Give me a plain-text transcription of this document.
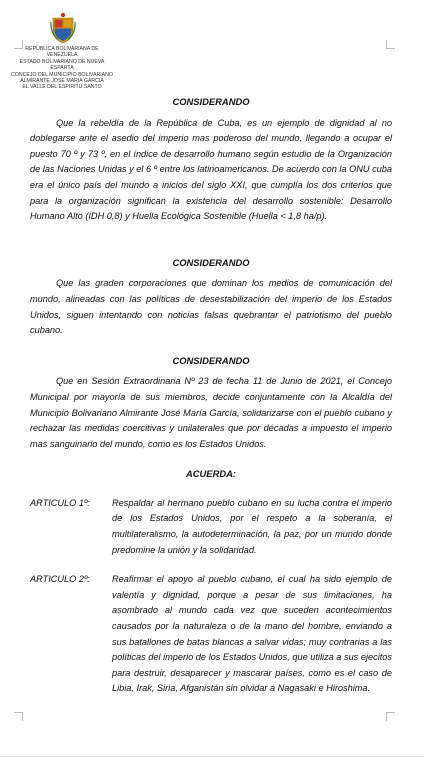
REPÚBLICA BOLIVARIANA DE
VENEZUELA
ESTADO BOLIVARIANO DE NUEVA
ESPARTA
CONCEJO DEL MUNICIPIO BOLIVARIANO
ALMIRANTE JOSE MARIA GARCIA
EL VALLE DEL ESPIRITU SANTO

CONSIDERANDO

Que la rebeldía de la República de Cuba, es un ejemplo de dignidad al no doblegarse ante el asedio del imperio mas poderoso del mundo, llegando a ocupar el puesto 70 º y 73 º, en el índice de desarrollo humano según estudio de la Organización de las Naciones Unidas y el 6 º entre los latinoamericanos. De acuerdo con la ONU cuba era el único país del mundo a inicios del siglo XXI, que cumplía los dos criterios que para la organización significan la existencia del desarrollo sostenible: Desarrollo Humano Alto (IDH 0,8) y Huella Ecológica Sostenible (Huella < 1,8 ha/p).

CONSIDERANDO

Que las graden corporaciones que dominan los medios de comunicación del mundo, alineadas con las políticas de desestabilización del imperio de los Estados Unidos, siguen intentando con noticias falsas quebrantar el patriotismo del pueblo cubano.

CONSIDERANDO

Que en Sesión Extraordinaria Nº 23 de fecha 11 de Junio de 2021, el Concejo Municipal por mayoría de sus miembros, decide conjuntamente con la Alcaldía del Municipio Bolivariano Almirante José María García, solidarizarse con el pueblo cubano y rechazar las medidas coercitivas y unilaterales que por décadas a impuesto el imperio mas sanguinario del mundo, como es los Estados Unidos.

ACUERDA:

ARTICULO 1º:	Respaldar al hermano pueblo cubano en su lucha contra el imperio de los Estados Unidos, por el respeto a la soberanía, el multilateralismo, la autodeterminación, la paz, por un mundo donde predomine la unión y la solidaridad.
ARTICULO 2º:	Reafirmar el apoyo al pueblo cubano, el cual ha sido ejemplo de valentía y dignidad, porque a pesar de sus limitaciones, ha asombrado al mundo cada vez que suceden acontecimientos causados por la naturaleza o de la mano del hombre, enviando a sus batallones de batas blancas a salvar vidas; muy contrarias a las políticas del imperio de los Estados Unidos, que utiliza a sus ejecitos para destruir, desaparecer y mascarar países, como es el caso de Libia, Irak, Siria, Afganistán sin olvidar a Nagasaki e Hiroshima.
